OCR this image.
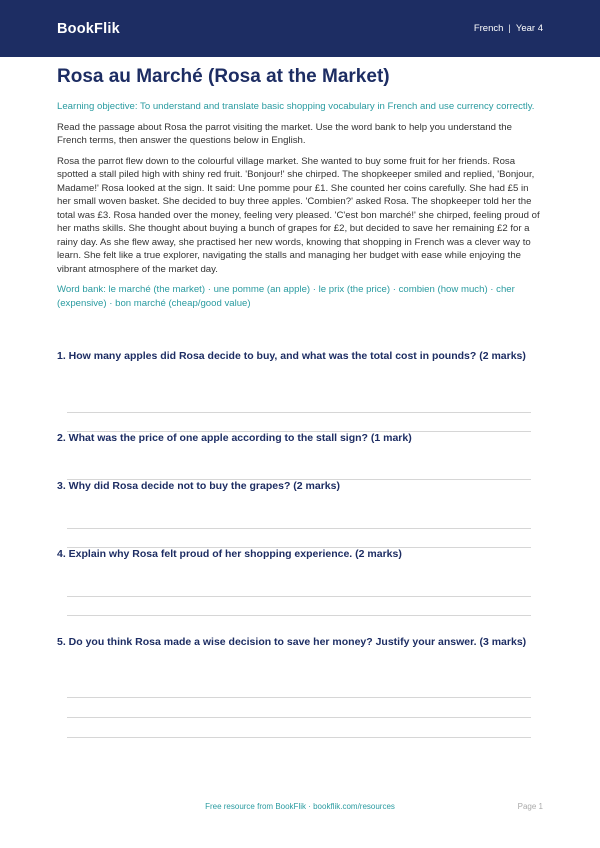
BookFlik	French | Year 4
Rosa au Marché (Rosa at the Market)

Learning objective: To understand and translate basic shopping vocabulary in French and use currency correctly.

Read the passage about Rosa the parrot visiting the market. Use the word bank to help you understand the French terms, then answer the questions below in English.

Rosa the parrot flew down to the colourful village market. She wanted to buy some fruit for her friends. Rosa spotted a stall piled high with shiny red fruit. 'Bonjour!' she chirped. The shopkeeper smiled and replied, 'Bonjour, Madame!' Rosa looked at the sign. It said: Une pomme pour £1. She counted her coins carefully. She had £5 in her small woven basket. She decided to buy three apples. 'Combien?' asked Rosa. The shopkeeper told her the total was £3. Rosa handed over the money, feeling very pleased. 'C'est bon marché!' she chirped, feeling proud of her maths skills. She thought about buying a bunch of grapes for £2, but decided to save her remaining £2 for a rainy day. As she flew away, she practised her new words, knowing that shopping in French was a clever way to learn. She felt like a true explorer, navigating the stalls and managing her budget with ease while enjoying the vibrant atmosphere of the market day.

Word bank: le marché (the market) · une pomme (an apple) · le prix (the price) · combien (how much) · cher (expensive) · bon marché (cheap/good value)

1. How many apples did Rosa decide to buy, and what was the total cost in pounds? (2 marks)
2. What was the price of one apple according to the stall sign? (1 mark)
3. Why did Rosa decide not to buy the grapes? (2 marks)
4. Explain why Rosa felt proud of her shopping experience. (2 marks)
5. Do you think Rosa made a wise decision to save her money? Justify your answer. (3 marks)
Free resource from BookFlik · bookflik.com/resources	Page 1
